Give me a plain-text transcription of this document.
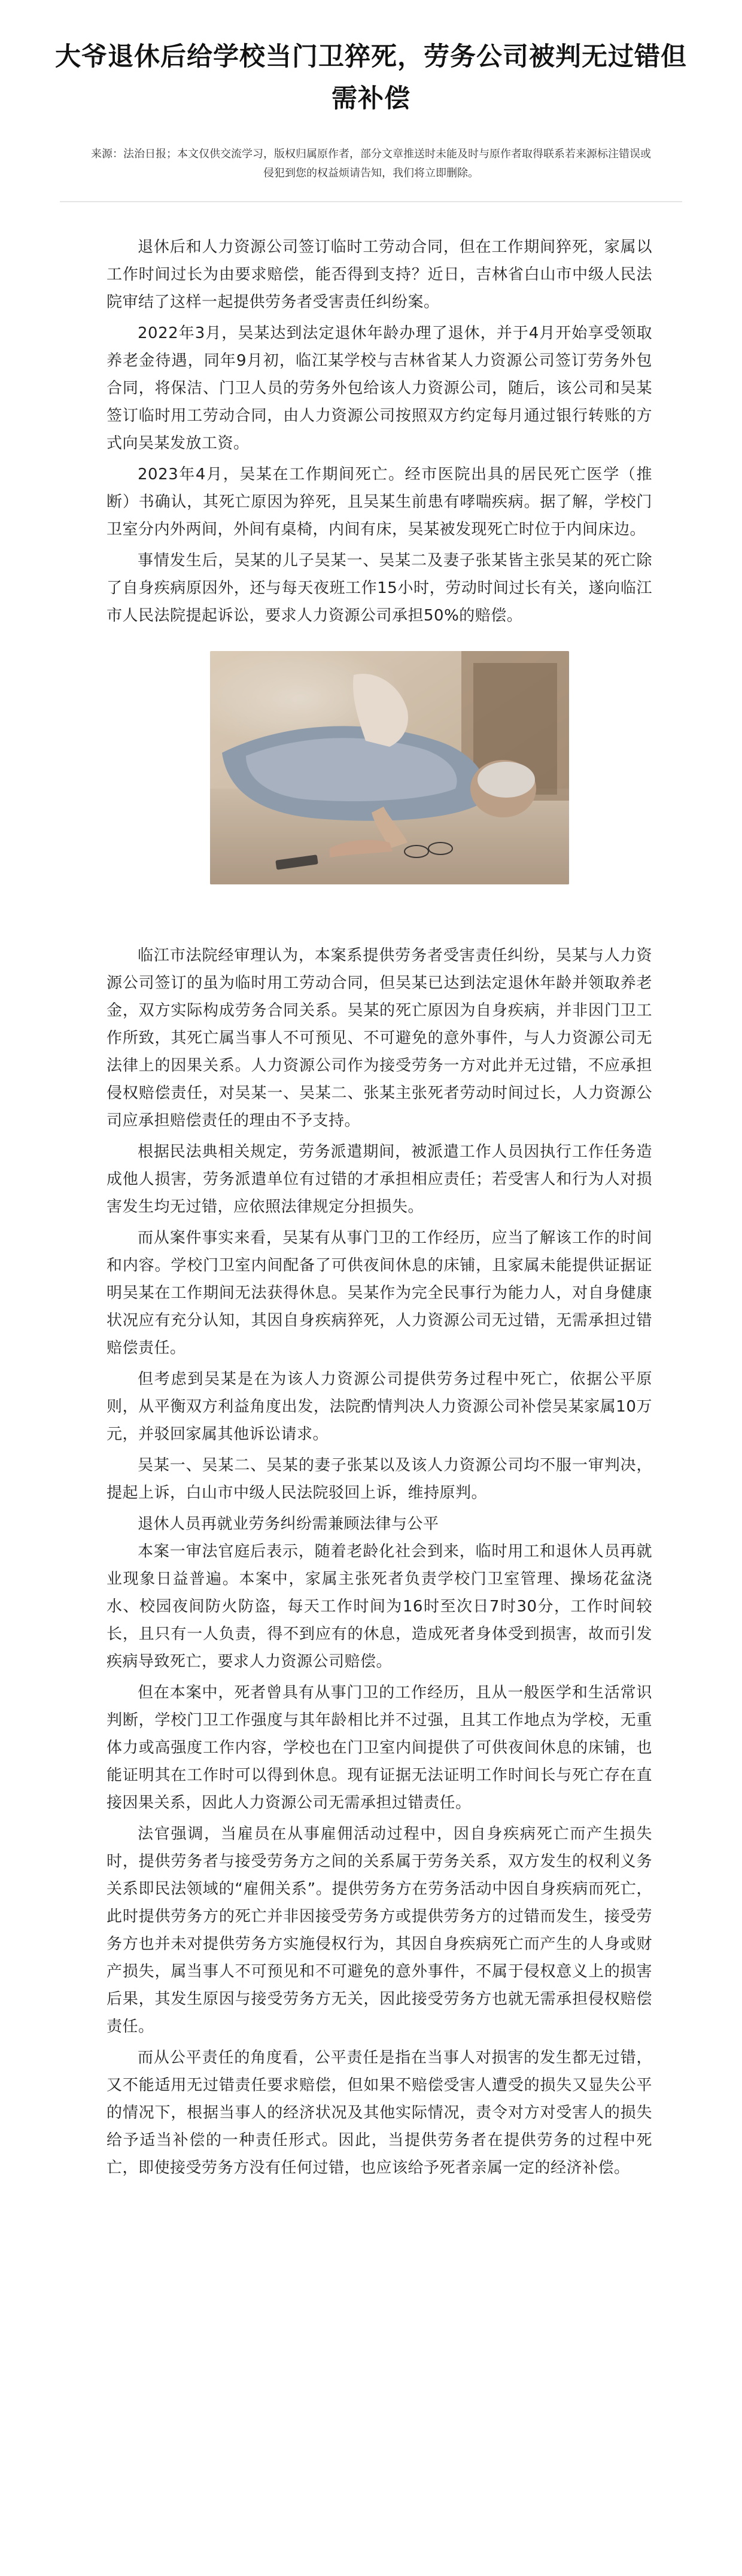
大爷退休后给学校当门卫猝死，劳务公司被判无过错但需补偿
来源：法治日报；本文仅供交流学习，版权归属原作者，部分文章推送时未能及时与原作者取得联系若来源标注错误或侵犯到您的权益烦请告知，我们将立即删除。

退休后和人力资源公司签订临时工劳动合同，但在工作期间猝死，家属以工作时间过长为由要求赔偿，能否得到支持？近日，吉林省白山市中级人民法院审结了这样一起提供劳务者受害责任纠纷案。

2022年3月，吴某达到法定退休年龄办理了退休，并于4月开始享受领取养老金待遇，同年9月初，临江某学校与吉林省某人力资源公司签订劳务外包合同，将保洁、门卫人员的劳务外包给该人力资源公司，随后，该公司和吴某签订临时用工劳动合同，由人力资源公司按照双方约定每月通过银行转账的方式向吴某发放工资。

2023年4月，吴某在工作期间死亡。经市医院出具的居民死亡医学（推断）书确认，其死亡原因为猝死，且吴某生前患有哮喘疾病。据了解，学校门卫室分内外两间，外间有桌椅，内间有床，吴某被发现死亡时位于内间床边。

事情发生后，吴某的儿子吴某一、吴某二及妻子张某皆主张吴某的死亡除了自身疾病原因外，还与每天夜班工作15小时，劳动时间过长有关，遂向临江市人民法院提起诉讼，要求人力资源公司承担50%的赔偿。

临江市法院经审理认为，本案系提供劳务者受害责任纠纷，吴某与人力资源公司签订的虽为临时用工劳动合同，但吴某已达到法定退休年龄并领取养老金，双方实际构成劳务合同关系。吴某的死亡原因为自身疾病，并非因门卫工作所致，其死亡属当事人不可预见、不可避免的意外事件，与人力资源公司无法律上的因果关系。人力资源公司作为接受劳务一方对此并无过错，不应承担侵权赔偿责任，对吴某一、吴某二、张某主张死者劳动时间过长，人力资源公司应承担赔偿责任的理由不予支持。

根据民法典相关规定，劳务派遣期间，被派遣工作人员因执行工作任务造成他人损害，劳务派遣单位有过错的才承担相应责任；若受害人和行为人对损害发生均无过错，应依照法律规定分担损失。

而从案件事实来看，吴某有从事门卫的工作经历，应当了解该工作的时间和内容。学校门卫室内间配备了可供夜间休息的床铺，且家属未能提供证据证明吴某在工作期间无法获得休息。吴某作为完全民事行为能力人，对自身健康状况应有充分认知，其因自身疾病猝死，人力资源公司无过错，无需承担过错赔偿责任。

但考虑到吴某是在为该人力资源公司提供劳务过程中死亡，依据公平原则，从平衡双方利益角度出发，法院酌情判决人力资源公司补偿吴某家属10万元，并驳回家属其他诉讼请求。

吴某一、吴某二、吴某的妻子张某以及该人力资源公司均不服一审判决，提起上诉，白山市中级人民法院驳回上诉，维持原判。

退休人员再就业劳务纠纷需兼顾法律与公平

本案一审法官庭后表示，随着老龄化社会到来，临时用工和退休人员再就业现象日益普遍。本案中，家属主张死者负责学校门卫室管理、操场花盆浇水、校园夜间防火防盗，每天工作时间为16时至次日7时30分，工作时间较长，且只有一人负责，得不到应有的休息，造成死者身体受到损害，故而引发疾病导致死亡，要求人力资源公司赔偿。

但在本案中，死者曾具有从事门卫的工作经历，且从一般医学和生活常识判断，学校门卫工作强度与其年龄相比并不过强，且其工作地点为学校，无重体力或高强度工作内容，学校也在门卫室内间提供了可供夜间休息的床铺，也能证明其在工作时可以得到休息。现有证据无法证明工作时间长与死亡存在直接因果关系，因此人力资源公司无需承担过错责任。

法官强调，当雇员在从事雇佣活动过程中，因自身疾病死亡而产生损失时，提供劳务者与接受劳务方之间的关系属于劳务关系，双方发生的权利义务关系即民法领域的“雇佣关系”。提供劳务方在劳务活动中因自身疾病而死亡，此时提供劳务方的死亡并非因接受劳务方或提供劳务方的过错而发生，接受劳务方也并未对提供劳务方实施侵权行为，其因自身疾病死亡而产生的人身或财产损失，属当事人不可预见和不可避免的意外事件，不属于侵权意义上的损害后果，其发生原因与接受劳务方无关，因此接受劳务方也就无需承担侵权赔偿责任。

而从公平责任的角度看，公平责任是指在当事人对损害的发生都无过错，又不能适用无过错责任要求赔偿，但如果不赔偿受害人遭受的损失又显失公平的情况下，根据当事人的经济状况及其他实际情况，责令对方对受害人的损失给予适当补偿的一种责任形式。因此，当提供劳务者在提供劳务的过程中死亡，即使接受劳务方没有任何过错，也应该给予死者亲属一定的经济补偿。
